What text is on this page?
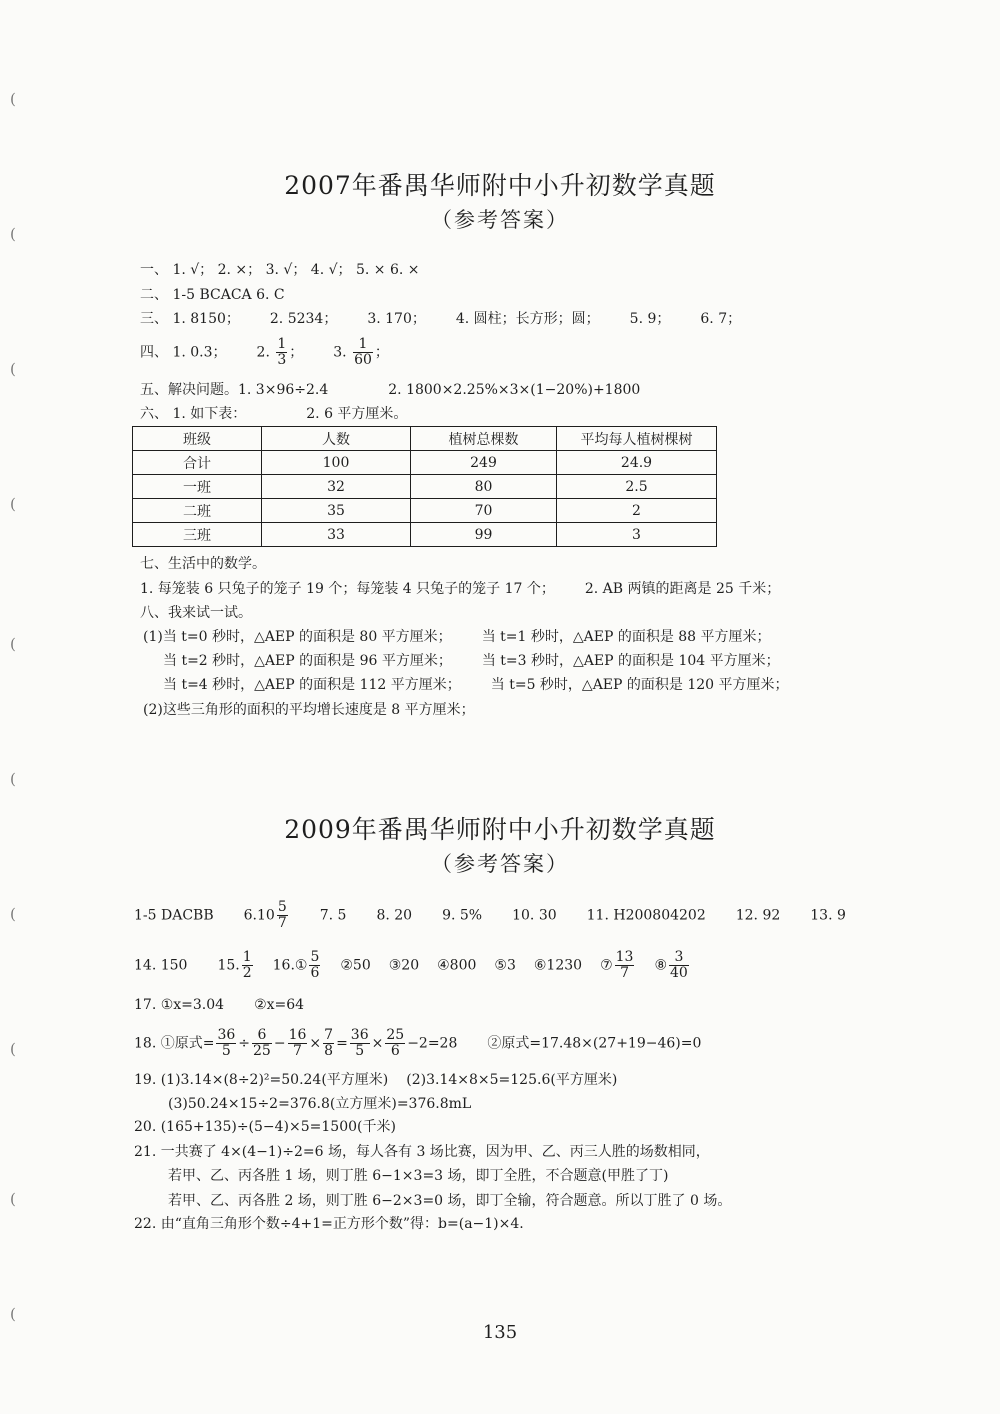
(
(
(
(
(
(
(
(
(
(
2007年番禺华师附中小升初数学真题
（参考答案）
一、 1. √； 2. ×； 3. √； 4. √； 5. × 6. ×
二、 1-5 BCACA 6. C
三、 1. 8150； 2. 5234； 3. 170； 4. 圆柱；长方形；圆； 5. 9； 6. 7；
四、 1. 0.3； 2. $\frac{1}{3}$ ； 3. $\frac{1}{60}$ ；
五、解决问题。1. 3×96÷2.4	2. 1800×2.25%×3×(1−20%)+1800
六、 1. 如下表：	2. 6 平方厘米。
班级	人数	植树总棵数	平均每人植树棵树
合计	100	249	24.9
一班	32	80	2.5
二班	35	70	2
三班	33	99	3
七、生活中的数学。
1. 每笼装 6 只兔子的笼子 19 个；每笼装 4 只兔子的笼子 17 个； 2. AB 两镇的距离是 25 千米；
八、我来试一试。
(1)当 t=0 秒时，△AEP 的面积是 80 平方厘米； 当 t=1 秒时，△AEP 的面积是 88 平方厘米；
当 t=2 秒时，△AEP 的面积是 96 平方厘米； 当 t=3 秒时，△AEP 的面积是 104 平方厘米；
当 t=4 秒时，△AEP 的面积是 112 平方厘米； 当 t=5 秒时，△AEP 的面积是 120 平方厘米；
(2)这些三角形的面积的平均增长速度是 8 平方厘米；
2009年番禺华师附中小升初数学真题
（参考答案）
1-5 DACBB $6.10 \frac{5}{7} 7$. 5 8. 20 9. 5% 10. 30 11. H200804202 12. 92 13. 9
14. 150 15. $\frac{1}{2}$ 16.① $\frac{5}{6}$ ②50 ③20 ④800 ⑤3 ⑥1230 ⑦ $\frac{13}{7}$ ⑧ $\frac{3}{40}$
17. ①x=3.04 ②x=64
18. ①原式= $\frac{36}{5} \div \frac{6}{25} - \frac{16}{7} \times \frac{7}{8} = \frac{36}{5} \times \frac{25}{6} -2=28$ ②原式=17.48×(27+19−46)=0
19. (1)3.14×(8÷2)²=50.24(平方厘米) (2)3.14×8×5=125.6(平方厘米)
(3)50.24×15÷2=376.8(立方厘米)=376.8mL
20. (165+135)÷(5−4)×5=1500(千米)
21. 一共赛了 4×(4−1)÷2=6 场，每人各有 3 场比赛，因为甲、乙、丙三人胜的场数相同，
若甲、乙、丙各胜 1 场，则丁胜 6−1×3=3 场，即丁全胜，不合题意(甲胜了丁)
若甲、乙、丙各胜 2 场，则丁胜 6−2×3=0 场，即丁全输，符合题意。所以丁胜了 0 场。
22. 由“直角三角形个数÷4+1=正方形个数”得：b=(a−1)×4.
135
